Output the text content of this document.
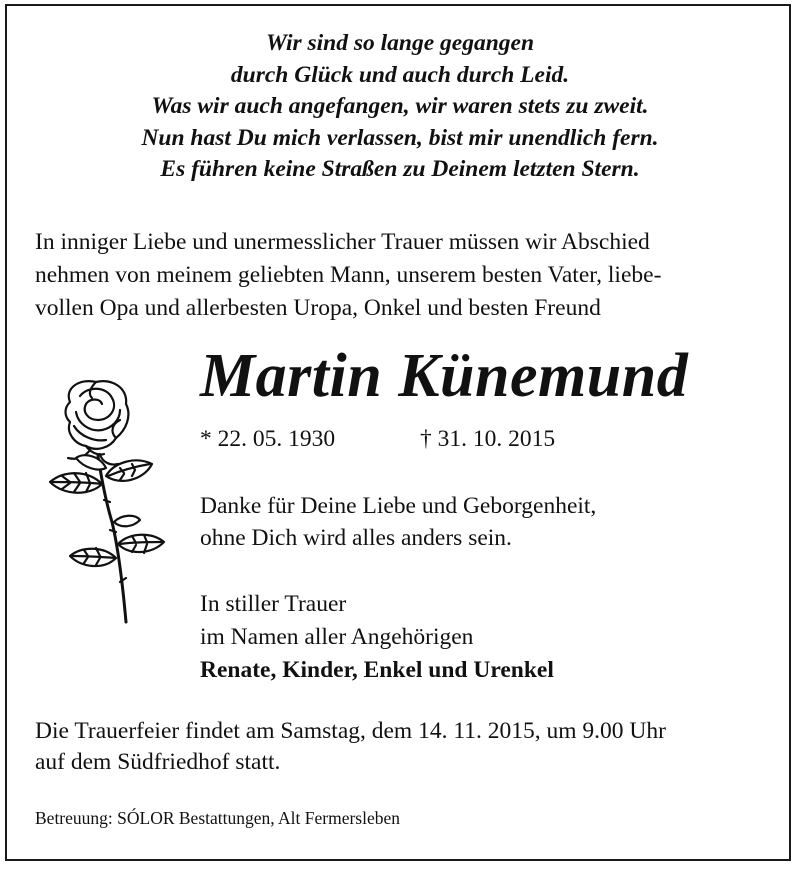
Wir sind so lange gegangen
durch Glück und auch durch Leid.
Was wir auch angefangen, wir waren stets zu zweit.
Nun hast Du mich verlassen, bist mir unendlich fern.
Es führen keine Straßen zu Deinem letzten Stern.
In inniger Liebe und unermesslicher Trauer müssen wir Abschied
nehmen von meinem geliebten Mann, unserem besten Vater, liebe-
vollen Opa und allerbesten Uropa, Onkel und besten Freund
Martin Künemund
* 22. 05. 1930	† 31. 10. 2015
Danke für Deine Liebe und Geborgenheit,
ohne Dich wird alles anders sein.
In stiller Trauer
im Namen aller Angehörigen
Renate, Kinder, Enkel und Urenkel
Die Trauerfeier findet am Samstag, dem 14. 11. 2015, um 9.00 Uhr
auf dem Südfriedhof statt.
Betreuung: SÓLOR Bestattungen, Alt Fermersleben
